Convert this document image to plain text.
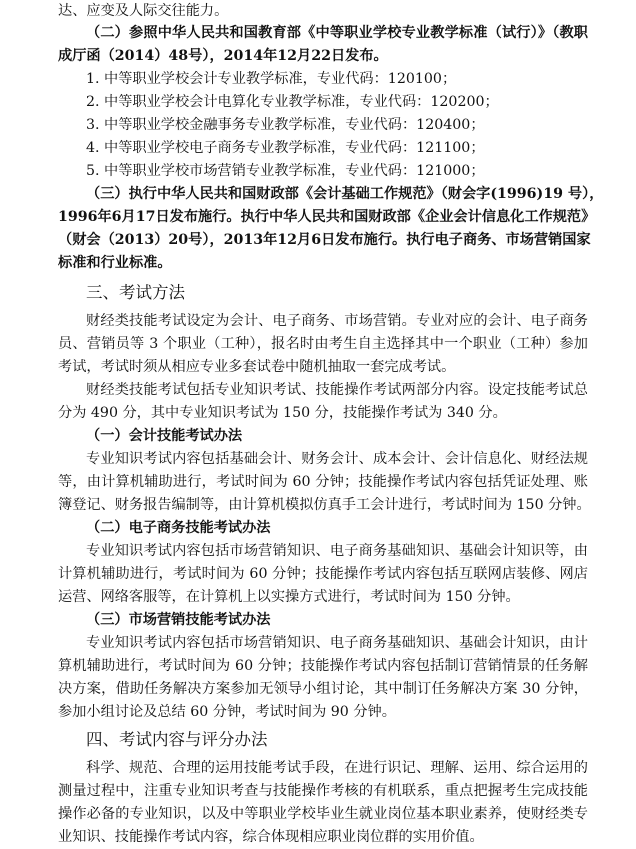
达、应变及人际交往能力。
（二）参照中华人民共和国教育部《中等职业学校专业教学标准（试行）》（教职
成厅函（2014）48号），2014年12月22日发布。
1. 中等职业学校会计专业教学标准，专业代码：120100；
2. 中等职业学校会计电算化专业教学标准，专业代码：120200；
3. 中等职业学校金融事务专业教学标准，专业代码：120400；
4. 中等职业学校电子商务专业教学标准，专业代码：121100；
5. 中等职业学校市场营销专业教学标准，专业代码：121000；
（三）执行中华人民共和国财政部《会计基础工作规范》（财会字(1996)19 号），
1996年6月17日发布施行。执行中华人民共和国财政部《企业会计信息化工作规范》
（财会（2013）20号），2013年12月6日发布施行。执行电子商务、市场营销国家
标准和行业标准。
三、考试方法
财经类技能考试设定为会计、电子商务、市场营销。专业对应的会计、电子商务
员、营销员等 3 个职业（工种），报名时由考生自主选择其中一个职业（工种）参加
考试，考试时须从相应专业多套试卷中随机抽取一套完成考试。
财经类技能考试包括专业知识考试、技能操作考试两部分内容。设定技能考试总
分为 490 分，其中专业知识考试为 150 分，技能操作考试为 340 分。
（一）会计技能考试办法
专业知识考试内容包括基础会计、财务会计、成本会计、会计信息化、财经法规
等，由计算机辅助进行，考试时间为 60 分钟；技能操作考试内容包括凭证处理、账
簿登记、财务报告编制等，由计算机模拟仿真手工会计进行，考试时间为 150 分钟。
（二）电子商务技能考试办法
专业知识考试内容包括市场营销知识、电子商务基础知识、基础会计知识等，由
计算机辅助进行，考试时间为 60 分钟；技能操作考试内容包括互联网店装修、网店
运营、网络客服等，在计算机上以实操方式进行，考试时间为 150 分钟。
（三）市场营销技能考试办法
专业知识考试内容包括市场营销知识、电子商务基础知识、基础会计知识，由计
算机辅助进行，考试时间为 60 分钟；技能操作考试内容包括制订营销情景的任务解
决方案，借助任务解决方案参加无领导小组讨论，其中制订任务解决方案 30 分钟，
参加小组讨论及总结 60 分钟，考试时间为 90 分钟。
四、考试内容与评分办法
科学、规范、合理的运用技能考试手段，在进行识记、理解、运用、综合运用的
测量过程中，注重专业知识考查与技能操作考核的有机联系，重点把握考生完成技能
操作必备的专业知识，以及中等职业学校毕业生就业岗位基本职业素养，使财经类专
业知识、技能操作考试内容，综合体现相应职业岗位群的实用价值。
